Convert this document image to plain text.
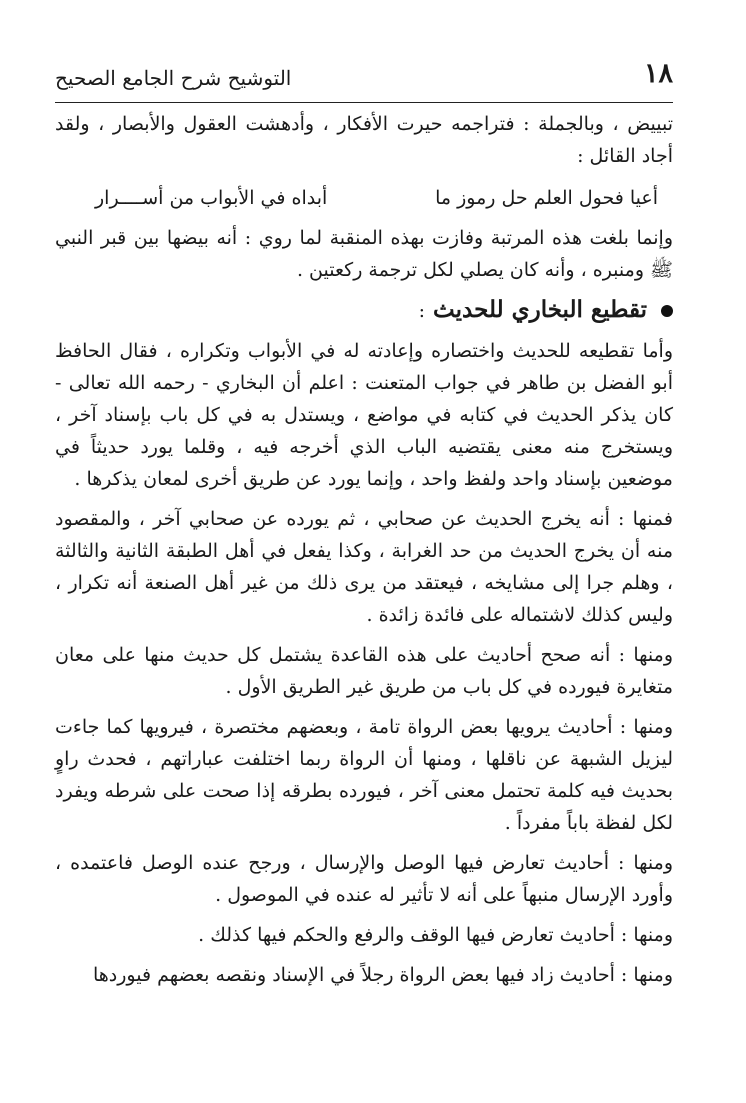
١٨
التوشيح شرح الجامع الصحيح

تبييض ، وبالجملة : فتراجمه حيرت الأفكار ، وأدهشت العقول والأبصار ، ولقد أجاد القائل :

أعيا فحول العلم حل رموز ما
أبداه في الأبواب من أســــرار

وإنما بلغت هذه المرتبة وفازت بهذه المنقبة لما روي : أنه بيضها بين قبر النبي ﷺ ومنبره ، وأنه كان يصلي لكل ترجمة ركعتين .

تقطيع البخاري للحديث :

وأما تقطيعه للحديث واختصاره وإعادته له في الأبواب وتكراره ، فقال الحافظ أبو الفضل بن طاهر في جواب المتعنت : اعلم أن البخاري - رحمه الله تعالى - كان يذكر الحديث في كتابه في مواضع ، ويستدل به في كل باب بإسناد آخر ، ويستخرج منه معنى يقتضيه الباب الذي أخرجه فيه ، وقلما يورد حديثاً في موضعين بإسناد واحد ولفظ واحد ، وإنما يورد عن طريق أخرى لمعان يذكرها .

فمنها : أنه يخرج الحديث عن صحابي ، ثم يورده عن صحابي آخر ، والمقصود منه أن يخرج الحديث من حد الغرابة ، وكذا يفعل في أهل الطبقة الثانية والثالثة ، وهلم جرا إلى مشايخه ، فيعتقد من يرى ذلك من غير أهل الصنعة أنه تكرار ، وليس كذلك لاشتماله على فائدة زائدة .

ومنها : أنه صحح أحاديث على هذه القاعدة يشتمل كل حديث منها على معان متغايرة فيورده في كل باب من طريق غير الطريق الأول .

ومنها : أحاديث يرويها بعض الرواة تامة ، وبعضهم مختصرة ، فيرويها كما جاءت ليزيل الشبهة عن ناقلها ، ومنها أن الرواة ربما اختلفت عباراتهم ، فحدث راوٍ بحديث فيه كلمة تحتمل معنى آخر ، فيورده بطرقه إذا صحت على شرطه ويفرد لكل لفظة باباً مفرداً .

ومنها : أحاديث تعارض فيها الوصل والإرسال ، ورجح عنده الوصل فاعتمده ، وأورد الإرسال منبهاً على أنه لا تأثير له عنده في الموصول .

ومنها : أحاديث تعارض فيها الوقف والرفع والحكم فيها كذلك .

ومنها : أحاديث زاد فيها بعض الرواة رجلاً في الإسناد ونقصه بعضهم فيوردها
